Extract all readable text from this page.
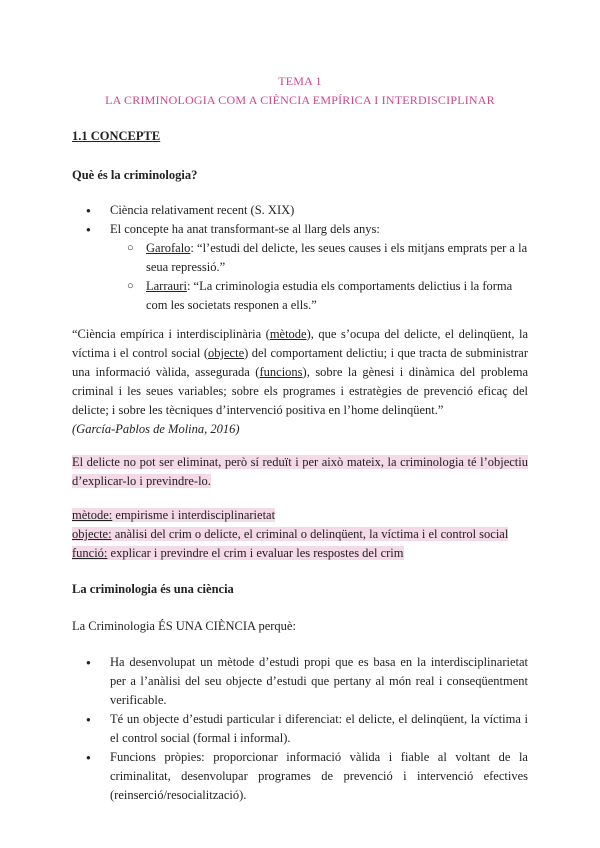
TEMA 1
LA CRIMINOLOGIA COM A CIÈNCIA EMPÍRICA I INTERDISCIPLINAR
1.1 CONCEPTE
Què és la criminologia?
● Ciència relativament recent (S. XIX)
● El concepte ha anat transformant-se al llarg dels anys:
○ Garofalo: “l’estudi del delicte, les seues causes i els mitjans emprats per a la seua repressió.”
○ Larrauri: “La criminologia estudia els comportaments delictius i la forma com les societats responen a ells.”
“Ciència empírica i interdisciplinària (mètode), que s’ocupa del delicte, el delinqüent, la víctima i el control social (objecte) del comportament delictiu; i que tracta de subministrar una informació vàlida, assegurada (funcions), sobre la gènesi i dinàmica del problema criminal i les seues variables; sobre els programes i estratègies de prevenció eficaç del delicte; i sobre les tècniques d’intervenció positiva en l’home delinqüent.”
(García-Pablos de Molina, 2016)
El delicte no pot ser eliminat, però sí reduït i per això mateix, la criminologia té l’objectiu d’explicar-lo i previndre-lo.
mètode: empirisme i interdisciplinarietat
objecte: anàlisi del crim o delicte, el criminal o delinqüent, la víctima i el control social
funció: explicar i previndre el crim i evaluar les respostes del crim
La criminologia és una ciència
La Criminologia ÉS UNA CIÈNCIA perquè:
● Ha desenvolupat un mètode d’estudi propi que es basa en la interdisciplinarietat per a l’anàlisi del seu objecte d’estudi que pertany al món real i conseqüentment verificable.
● Té un objecte d’estudi particular i diferenciat: el delicte, el delinqüent, la víctima i el control social (formal i informal).
● Funcions pròpies: proporcionar informació vàlida i fiable al voltant de la criminalitat, desenvolupar programes de prevenció i intervenció efectives (reinserció/resocialització).
